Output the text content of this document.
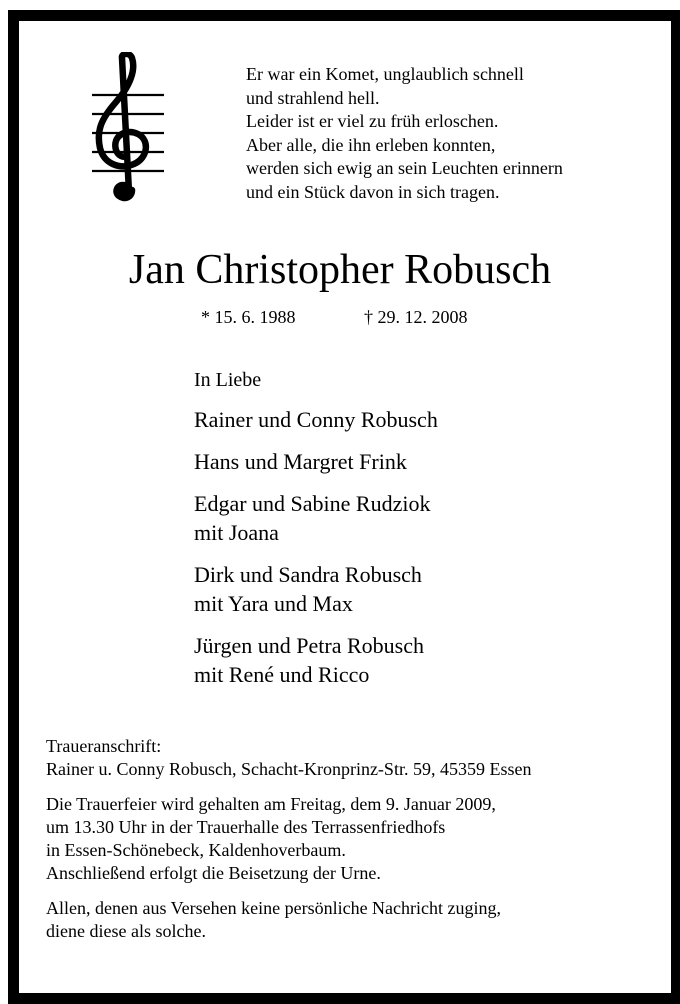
Er war ein Komet, unglaublich schnell
und strahlend hell.
Leider ist er viel zu früh erloschen.
Aber alle, die ihn erleben konnten,
werden sich ewig an sein Leuchten erinnern
und ein Stück davon in sich tragen.
Jan Christopher Robusch
* 15. 6. 1988	† 29. 12. 2008
In Liebe
Rainer und Conny Robusch
Hans und Margret Frink
Edgar und Sabine Rudziok
mit Joana
Dirk und Sandra Robusch
mit Yara und Max
Jürgen und Petra Robusch
mit René und Ricco
Traueranschrift:
Rainer u. Conny Robusch, Schacht-Kronprinz-Str. 59, 45359 Essen
Die Trauerfeier wird gehalten am Freitag, dem 9. Januar 2009,
um 13.30 Uhr in der Trauerhalle des Terrassenfriedhofs
in Essen-Schönebeck, Kaldenhoverbaum.
Anschließend erfolgt die Beisetzung der Urne.
Allen, denen aus Versehen keine persönliche Nachricht zuging,
diene diese als solche.
